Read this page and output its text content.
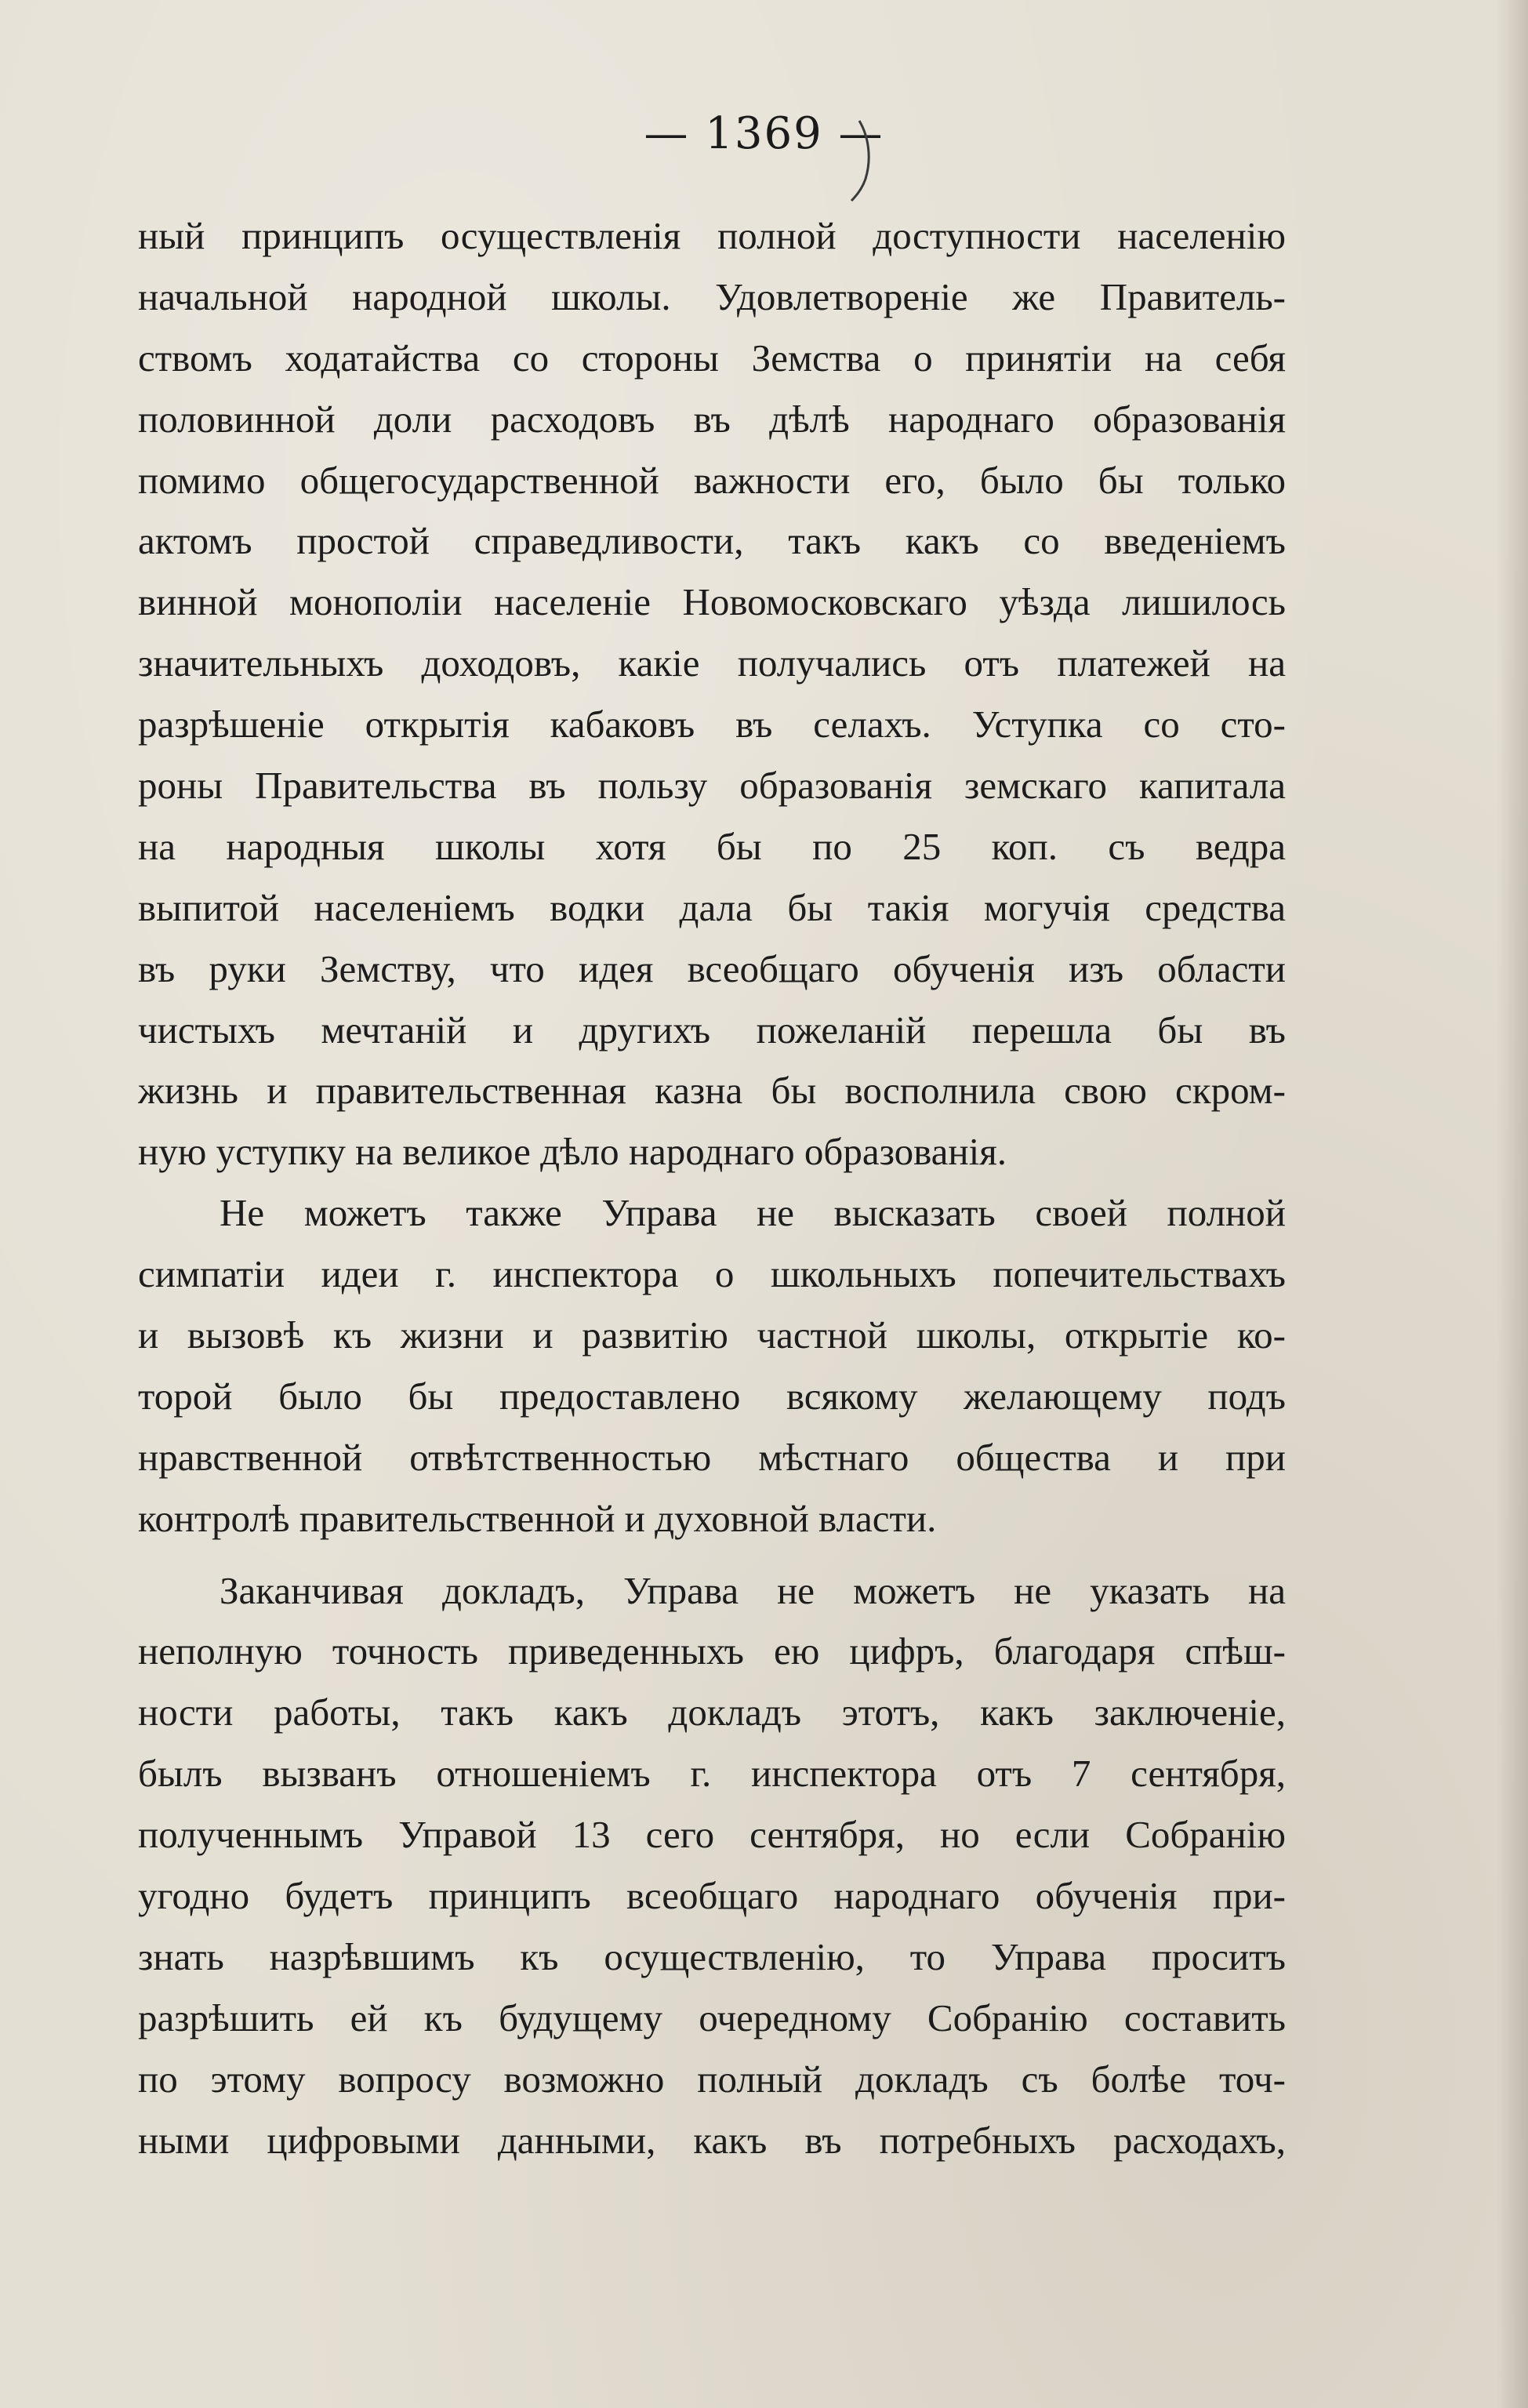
— 1369 —
ный принципъ осуществленія полной доступности населенію
начальной народной школы. Удовлетвореніе же Правитель-
ствомъ ходатайства со стороны Земства о принятіи на себя
половинной доли расходовъ въ дѣлѣ народнаго образованія
помимо общегосударственной важности его, было бы только
актомъ простой справедливости, такъ какъ со введеніемъ
винной монополіи населеніе Новомосковскаго уѣзда лишилось
значительныхъ доходовъ, какіе получались отъ платежей на
разрѣшеніе открытія кабаковъ въ селахъ. Уступка со сто-
роны Правительства въ пользу образованія земскаго капитала
на народныя школы хотя бы по 25 коп. съ ведра
выпитой населеніемъ водки дала бы такія могучія средства
въ руки Земству, что идея всеобщаго обученія изъ области
чистыхъ мечтаній и другихъ пожеланій перешла бы въ
жизнь и правительственная казна бы восполнила свою скром-
ную уступку на великое дѣло народнаго образованія.
Не можетъ также Управа не высказать своей полной
симпатіи идеи г. инспектора о школьныхъ попечительствахъ
и вызовѣ къ жизни и развитію частной школы, открытіе ко-
торой было бы предоставлено всякому желающему подъ
нравственной отвѣтственностью мѣстнаго общества и при
контролѣ правительственной и духовной власти.
Заканчивая докладъ, Управа не можетъ не указать на
неполную точность приведенныхъ ею цифръ, благодаря спѣш-
ности работы, такъ какъ докладъ этотъ, какъ заключеніе,
былъ вызванъ отношеніемъ г. инспектора отъ 7 сентября,
полученнымъ Управой 13 сего сентября, но если Собранію
угодно будетъ принципъ всеобщаго народнаго обученія при-
знать назрѣвшимъ къ осуществленію, то Управа проситъ
разрѣшить ей къ будущему очередному Собранію составить
по этому вопросу возможно полный докладъ съ болѣе точ-
ными цифровыми данными, какъ въ потребныхъ расходахъ,
